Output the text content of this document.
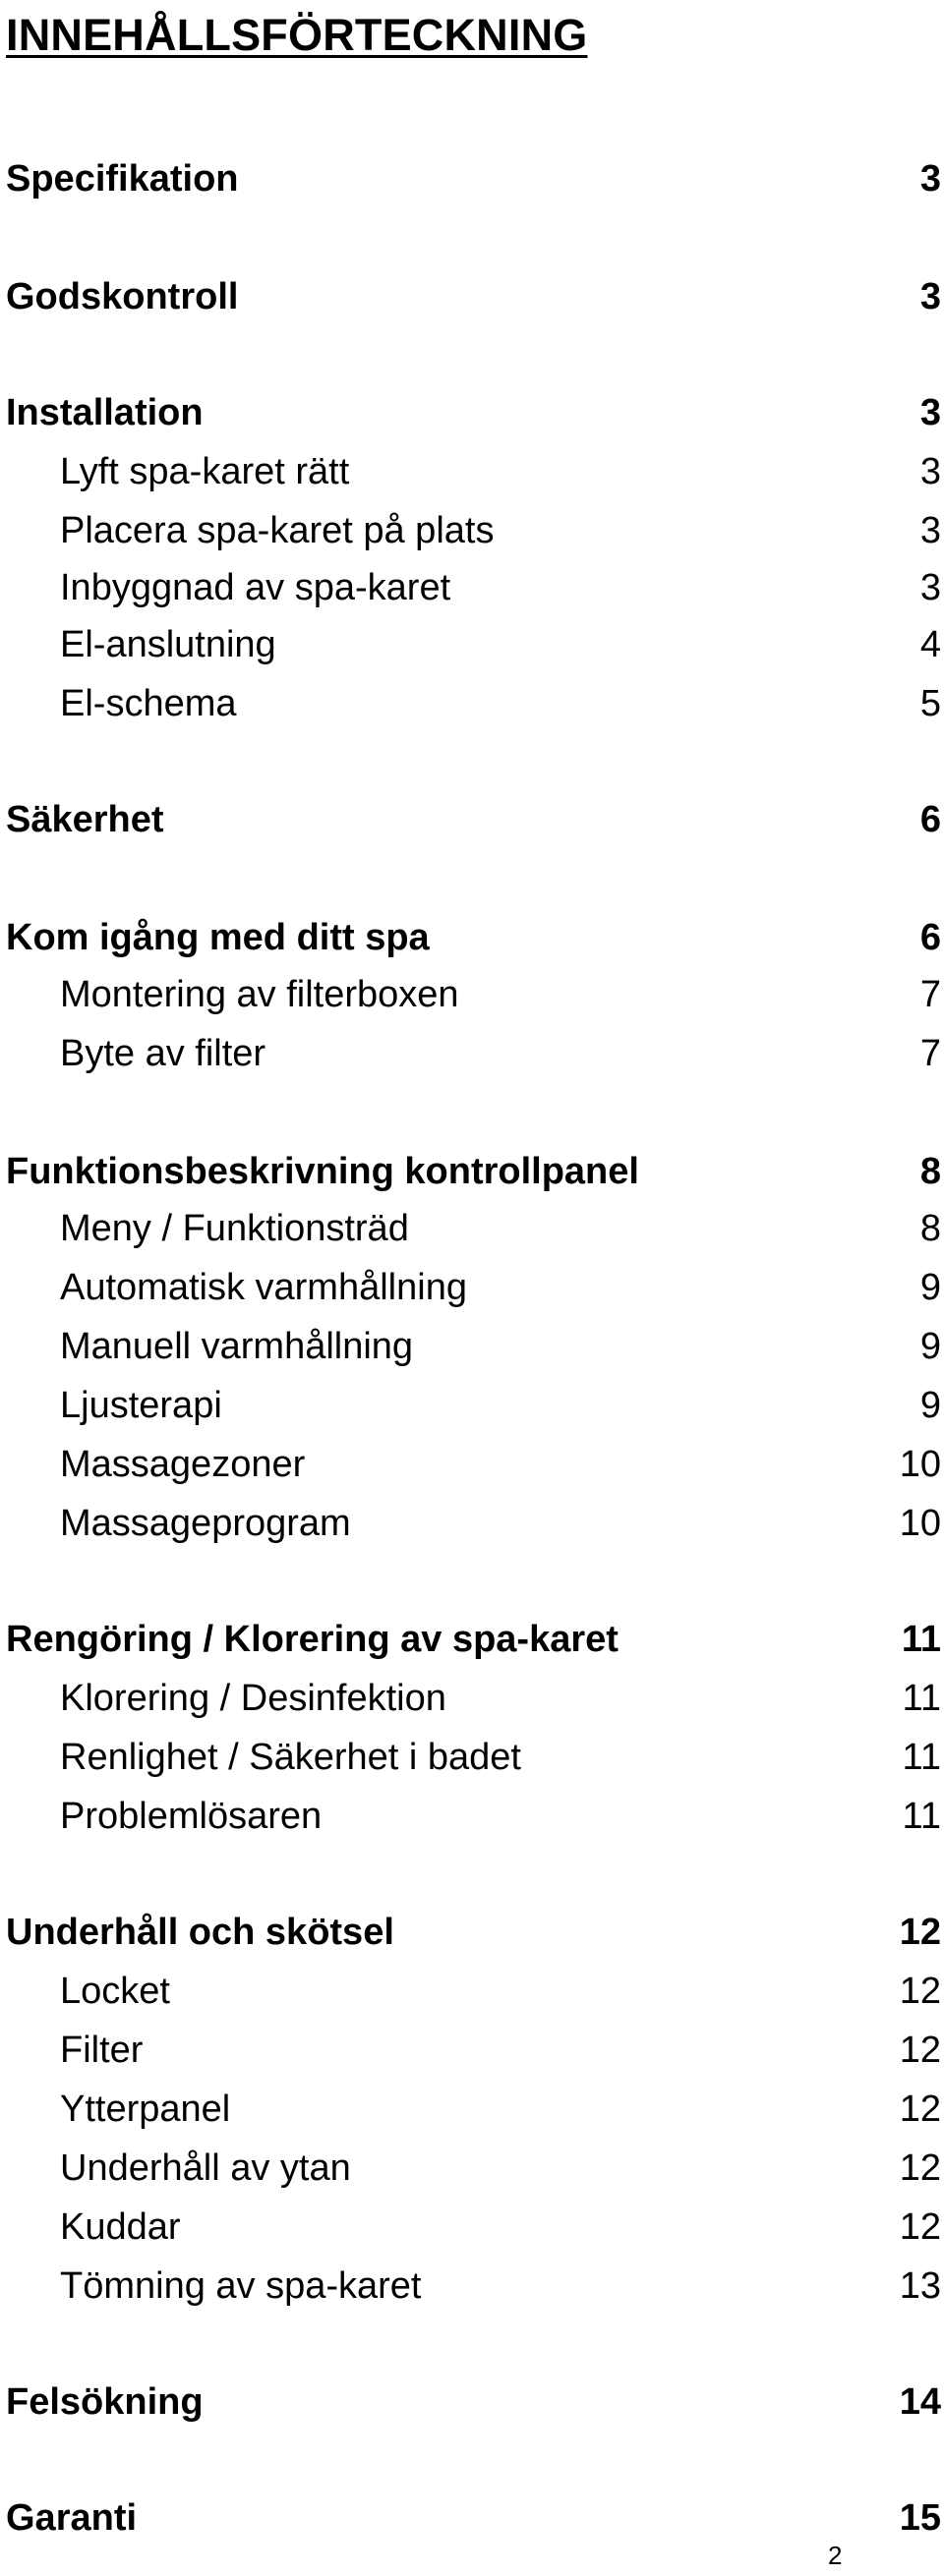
INNEHÅLLSFÖRTECKNING
Specifikation	3
Godskontroll	3
Installation	3
Lyft spa-karet rätt	3
Placera spa-karet på plats	3
Inbyggnad av spa-karet	3
El-anslutning	4
El-schema	5
Säkerhet	6
Kom igång med ditt spa	6
Montering av filterboxen	7
Byte av filter	7
Funktionsbeskrivning kontrollpanel	8
Meny / Funktionsträd	8
Automatisk varmhållning	9
Manuell varmhållning	9
Ljusterapi	9
Massagezoner	10
Massageprogram	10
Rengöring / Klorering av spa-karet	11
Klorering / Desinfektion	11
Renlighet / Säkerhet i badet	11
Problemlösaren	11
Underhåll och skötsel	12
Locket	12
Filter	12
Ytterpanel	12
Underhåll av ytan	12
Kuddar	12
Tömning av spa-karet	13
Felsökning	14
Garanti	15
2
